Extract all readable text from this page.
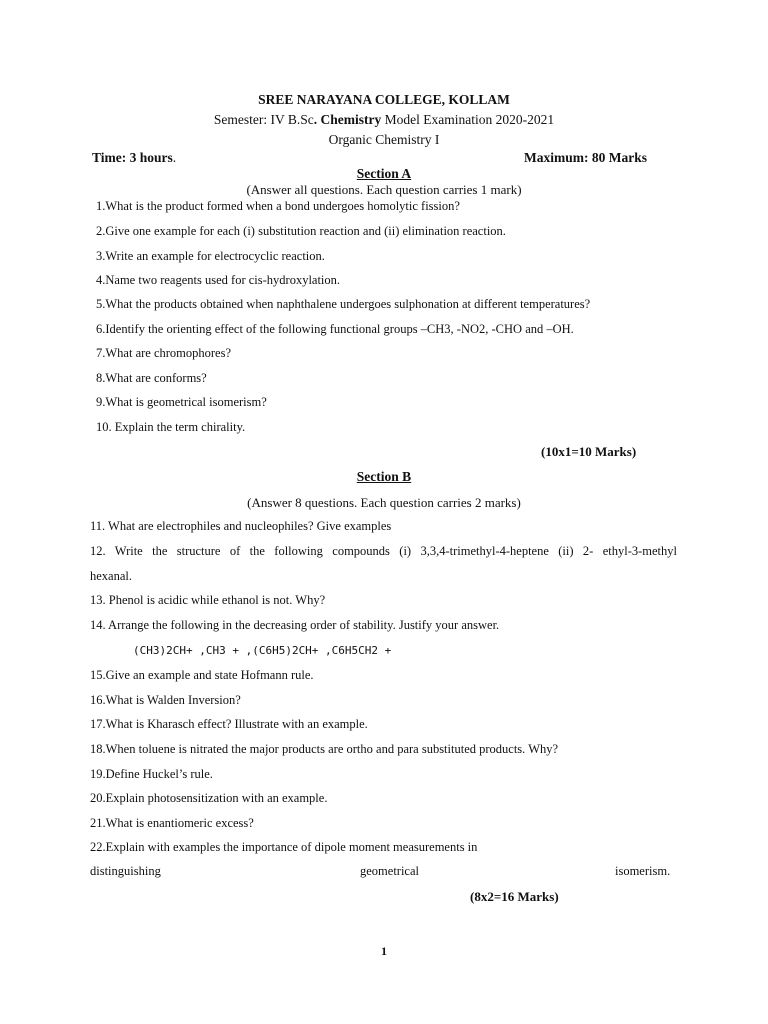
SREE NARAYANA COLLEGE, KOLLAM
Semester: IV B.Sc. Chemistry Model Examination 2020-2021
Organic Chemistry I
Time: 3 hours.	Maximum: 80 Marks
Section A
(Answer all questions. Each question carries 1 mark)
1.What is the product formed when a bond undergoes homolytic fission?
2.Give one example for each (i) substitution reaction and (ii) elimination reaction.
3.Write an example for electrocyclic reaction.
4.Name two reagents used for cis-hydroxylation.
5.What the products obtained when naphthalene undergoes sulphonation at different temperatures?
6.Identify the orienting effect of the following functional groups –CH3, -NO2, -CHO and –OH.
7.What are chromophores?
8.What are conforms?
9.What is geometrical isomerism?
10. Explain the term chirality.
(10x1=10 Marks)
Section B
(Answer 8 questions. Each question carries 2 marks)
11. What are electrophiles and nucleophiles? Give examples
12. Write the structure of the following compounds (i) 3,3,4-trimethyl-4-heptene (ii) 2- ethyl-3-methyl
hexanal.
13. Phenol is acidic while ethanol is not. Why?
14. Arrange the following in the decreasing order of stability. Justify your answer.
(CH3)2CH+ ,CH3 + ,(C6H5)2CH+ ,C6H5CH2 +
15.Give an example and state Hofmann rule.
16.What is Walden Inversion?
17.What is Kharasch effect? Illustrate with an example.
18.When toluene is nitrated the major products are ortho and para substituted products. Why?
19.Define Huckel’s rule.
20.Explain photosensitization with an example.
21.What is enantiomeric excess?
22.Explain with examples the importance of dipole moment measurements in
distinguishing	geometrical	isomerism.
(8x2=16 Marks)
1
